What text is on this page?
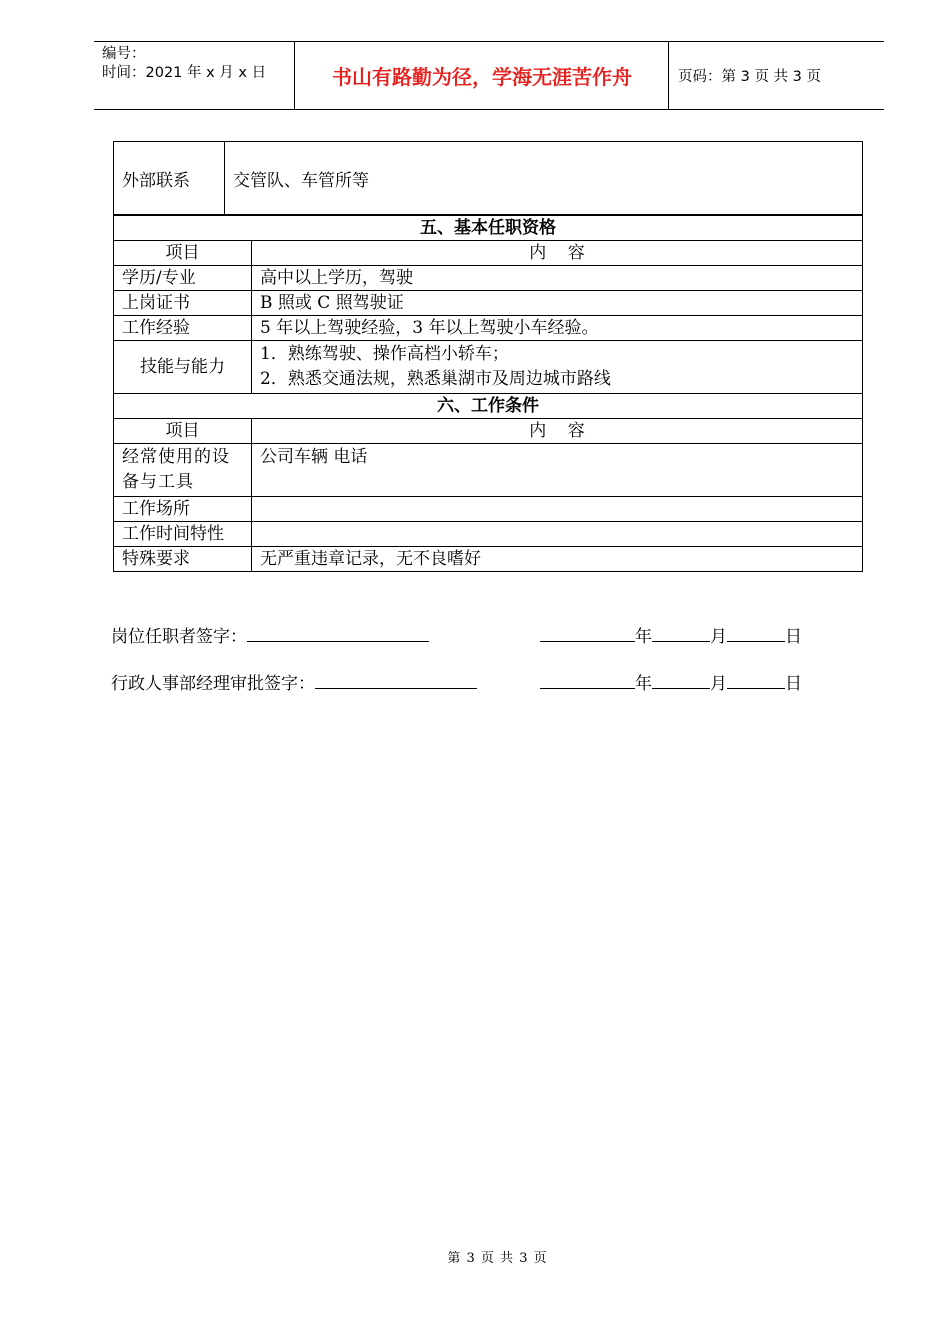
编号：
时间：2021 年 x 月 x 日	书山有路勤为径，学海无涯苦作舟	页码：第 3 页 共 3 页
外部联系	交管队、车管所等
五、基本任职资格	
项目	内    容
学历/专业	高中以上学历，驾驶
上岗证书	B 照或 C 照驾驶证
工作经验	5 年以上驾驶经验，3 年以上驾驶小车经验。
技能与能力	1．熟练驾驶、操作高档小轿车；
2．熟悉交通法规，熟悉巢湖市及周边城市路线

六、工作条件	
项目	内    容

经常使用的设
备与工具	公司车辆 电话
工作场所	
工作时间特性	
特殊要求	无严重违章记录，无不良嗜好
岗位任职者签字：	年	月	日
行政人事部经理审批签字：	年	月	日
第 3 页 共 3 页
